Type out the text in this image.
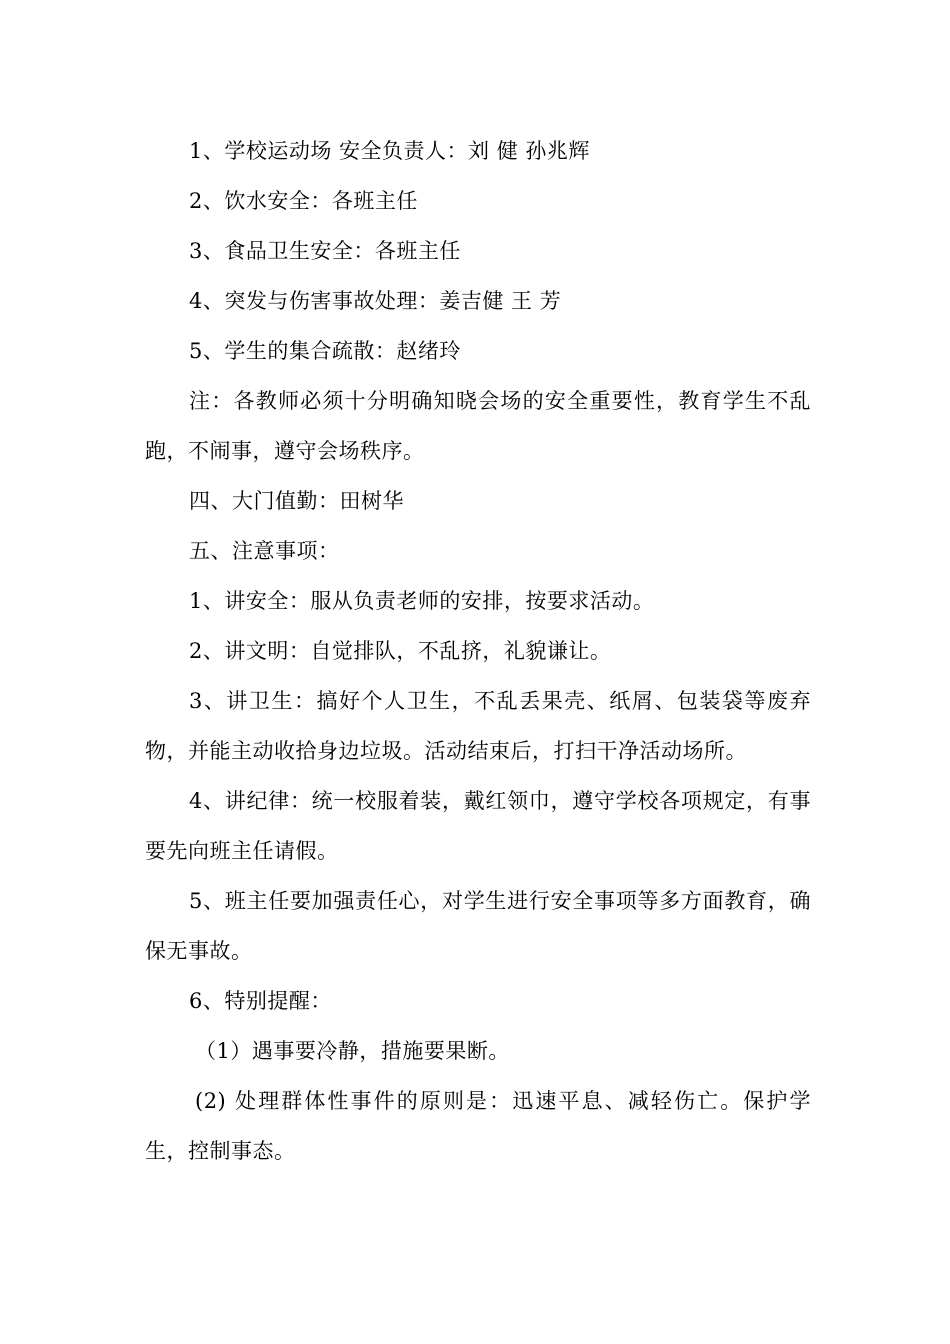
1、学校运动场 安全负责人：刘 健 孙兆辉

2、饮水安全：各班主任

3、食品卫生安全：各班主任

4、突发与伤害事故处理：姜吉健 王 芳

5、学生的集合疏散：赵绪玲

注：各教师必须十分明确知晓会场的安全重要性，教育学生不乱跑，不闹事，遵守会场秩序。

四、大门值勤：田树华

五、注意事项：

1、讲安全：服从负责老师的安排，按要求活动。

2、讲文明：自觉排队，不乱挤，礼貌谦让。

3、讲卫生：搞好个人卫生，不乱丢果壳、纸屑、包装袋等废弃物，并能主动收拾身边垃圾。活动结束后，打扫干净活动场所。

4、讲纪律：统一校服着装，戴红领巾，遵守学校各项规定，有事要先向班主任请假。

5、班主任要加强责任心，对学生进行安全事项等多方面教育，确保无事故。

6、特别提醒：

（1）遇事要冷静，措施要果断。

(2) 处理群体性事件的原则是：迅速平息、减轻伤亡。保护学生，控制事态。
